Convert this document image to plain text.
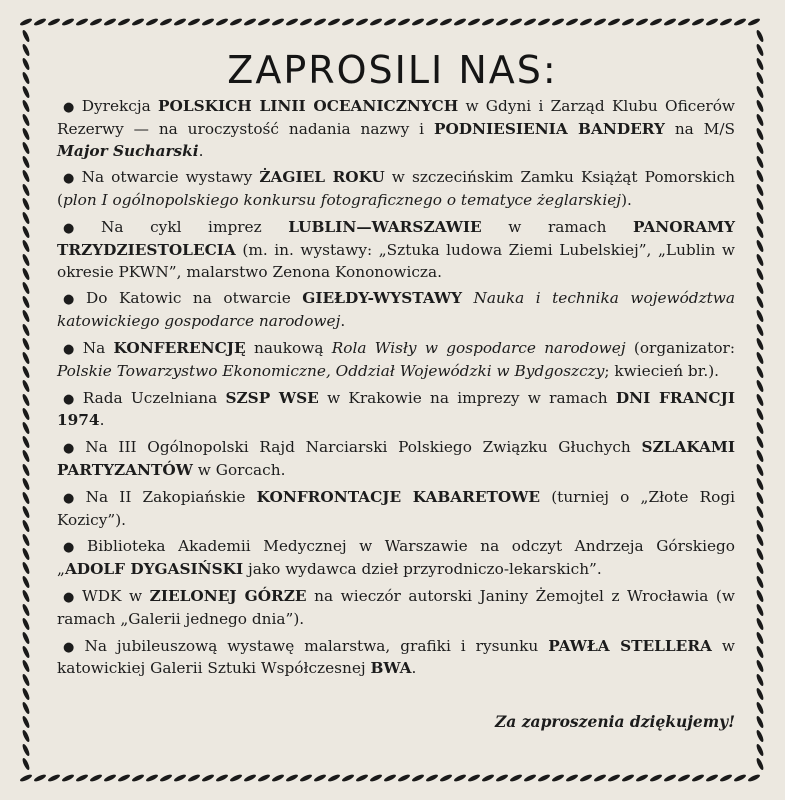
ZAPROSILI NAS:
● Dyrekcja POLSKICH LINII OCEANICZNYCH w Gdyni i Zarząd Klubu Oficerów Rezerwy — na uroczystość nadania nazwy i PODNIESIENIA BANDERY na M/S Major Sucharski.
● Na otwarcie wystawy ŻAGIEL ROKU w szczecińskim Zamku Książąt Pomorskich (plon I ogólnopolskiego konkursu fotograficznego o tematyce żeglarskiej).
● Na cykl imprez LUBLIN—WARSZAWIE w ramach PANORAMY TRZYDZIESTOLECIA (m. in. wystawy: „Sztuka ludowa Ziemi Lubelskiej”, „Lublin w okresie PKWN”, malarstwo Zenona Kononowicza.
● Do Katowic na otwarcie GIEŁDY-WYSTAWY Nauka i technika województwa katowickiego gospodarce narodowej.
● Na KONFERENCJĘ naukową Rola Wisły w gospodarce narodowej (organizator: Polskie Towarzystwo Ekonomiczne, Oddział Wojewódzki w Bydgoszczy; kwiecień br.).
● Rada Uczelniana SZSP WSE w Krakowie na imprezy w ramach DNI FRANCJI 1974.
● Na III Ogólnopolski Rajd Narciarski Polskiego Związku Głuchych SZLAKAMI PARTYZANTÓW w Gorcach.
● Na II Zakopiańskie KONFRONTACJE KABARETOWE (turniej o „Złote Rogi Kozicy”).
● Biblioteka Akademii Medycznej w Warszawie na odczyt Andrzeja Górskiego „ADOLF DYGASIŃSKI jako wydawca dzieł przyrodniczo-lekarskich”.
● WDK w ZIELONEJ GÓRZE na wieczór autorski Janiny Żemojtel z Wrocławia (w ramach „Galerii jednego dnia”).
● Na jubileuszową wystawę malarstwa, grafiki i rysunku PAWŁA STELLERA w katowickiej Galerii Sztuki Współczesnej BWA.
Za zaproszenia dziękujemy!
